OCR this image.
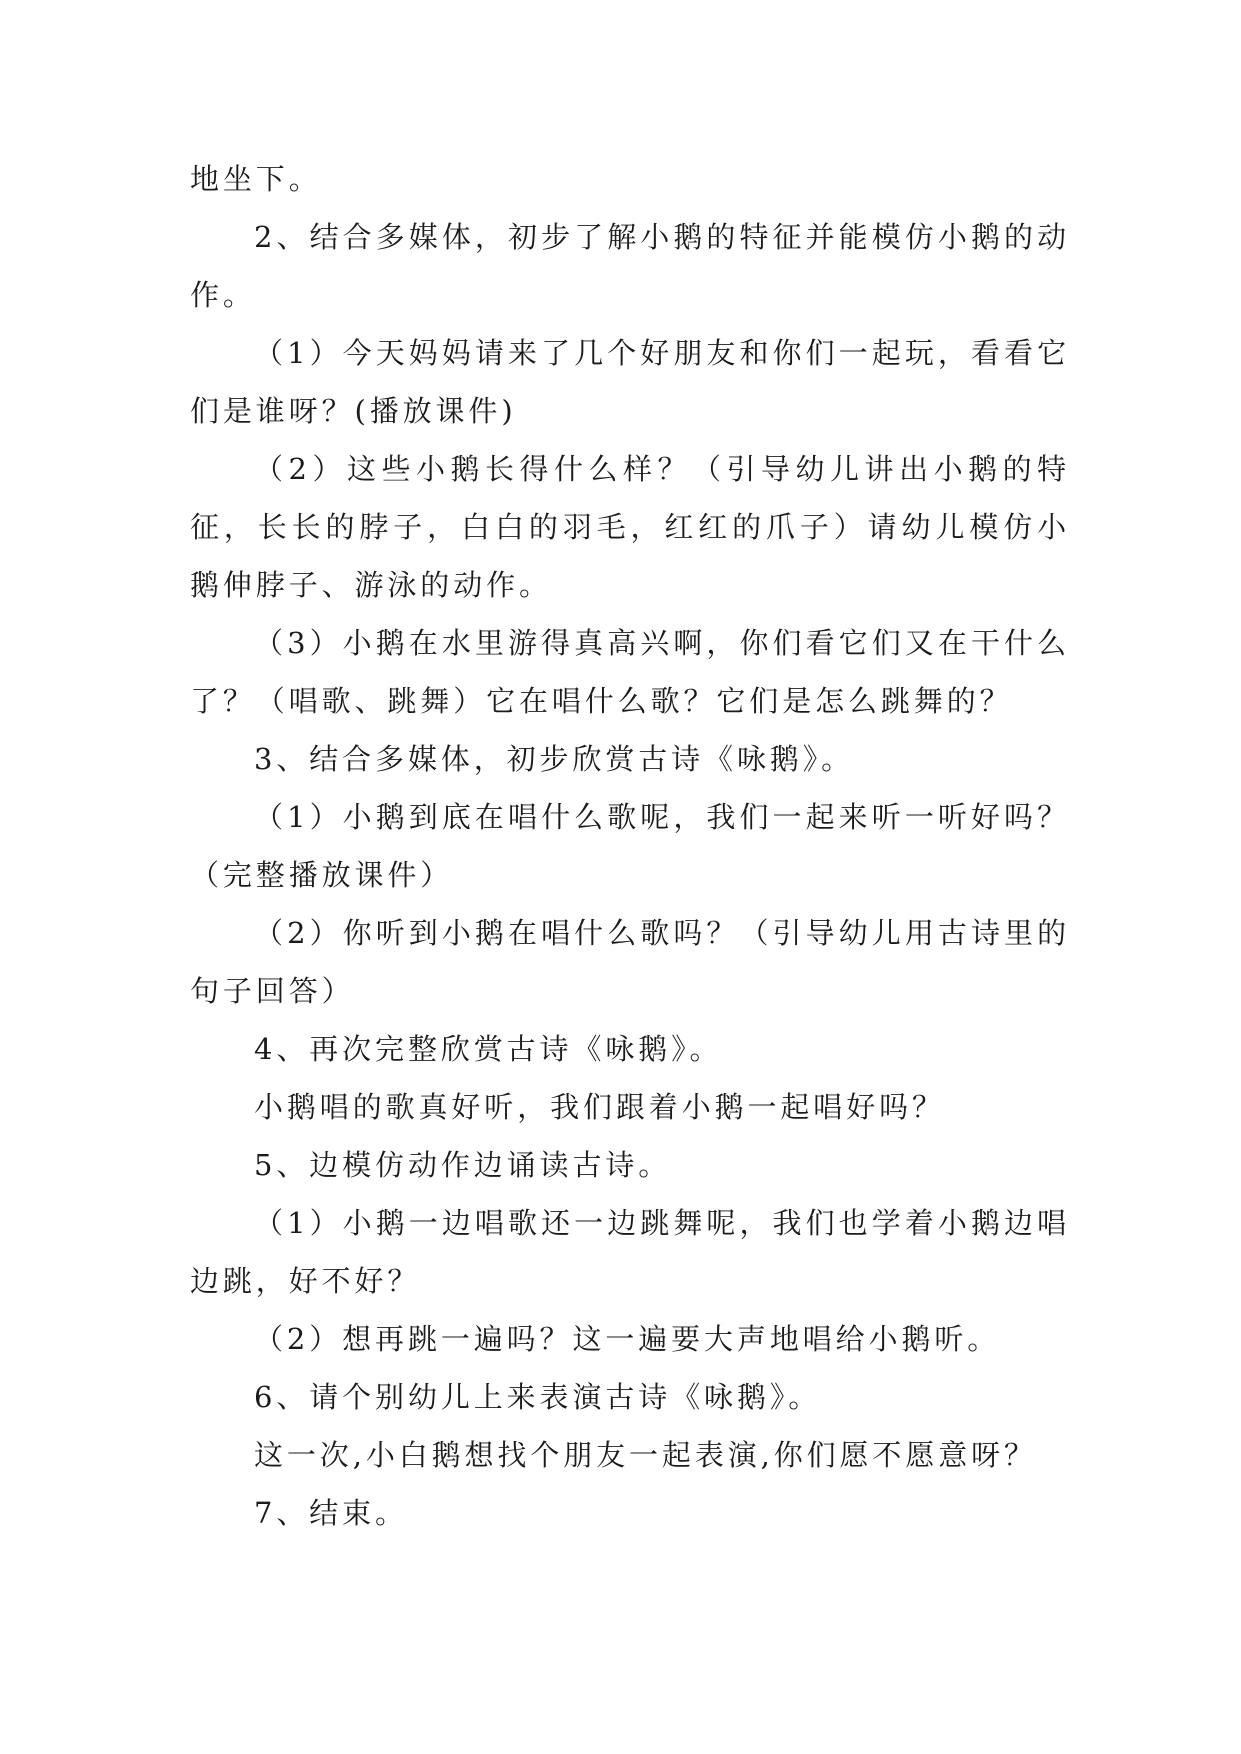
地坐下。

2、结合多媒体，初步了解小鹅的特征并能模仿小鹅的动作。

（1）今天妈妈请来了几个好朋友和你们一起玩，看看它们是谁呀？(播放课件)

（2）这些小鹅长得什么样？（引导幼儿讲出小鹅的特征，长长的脖子，白白的羽毛，红红的爪子）请幼儿模仿小鹅伸脖子、游泳的动作。

（3）小鹅在水里游得真高兴啊，你们看它们又在干什么了？（唱歌、跳舞）它在唱什么歌？它们是怎么跳舞的？

3、结合多媒体，初步欣赏古诗《咏鹅》。

（1）小鹅到底在唱什么歌呢，我们一起来听一听好吗？（完整播放课件）

（2）你听到小鹅在唱什么歌吗？（引导幼儿用古诗里的句子回答）

4、再次完整欣赏古诗《咏鹅》。

小鹅唱的歌真好听，我们跟着小鹅一起唱好吗？

5、边模仿动作边诵读古诗。

（1）小鹅一边唱歌还一边跳舞呢，我们也学着小鹅边唱边跳，好不好？

（2）想再跳一遍吗？这一遍要大声地唱给小鹅听。

6、请个别幼儿上来表演古诗《咏鹅》。

这一次,小白鹅想找个朋友一起表演,你们愿不愿意呀？

7、结束。
